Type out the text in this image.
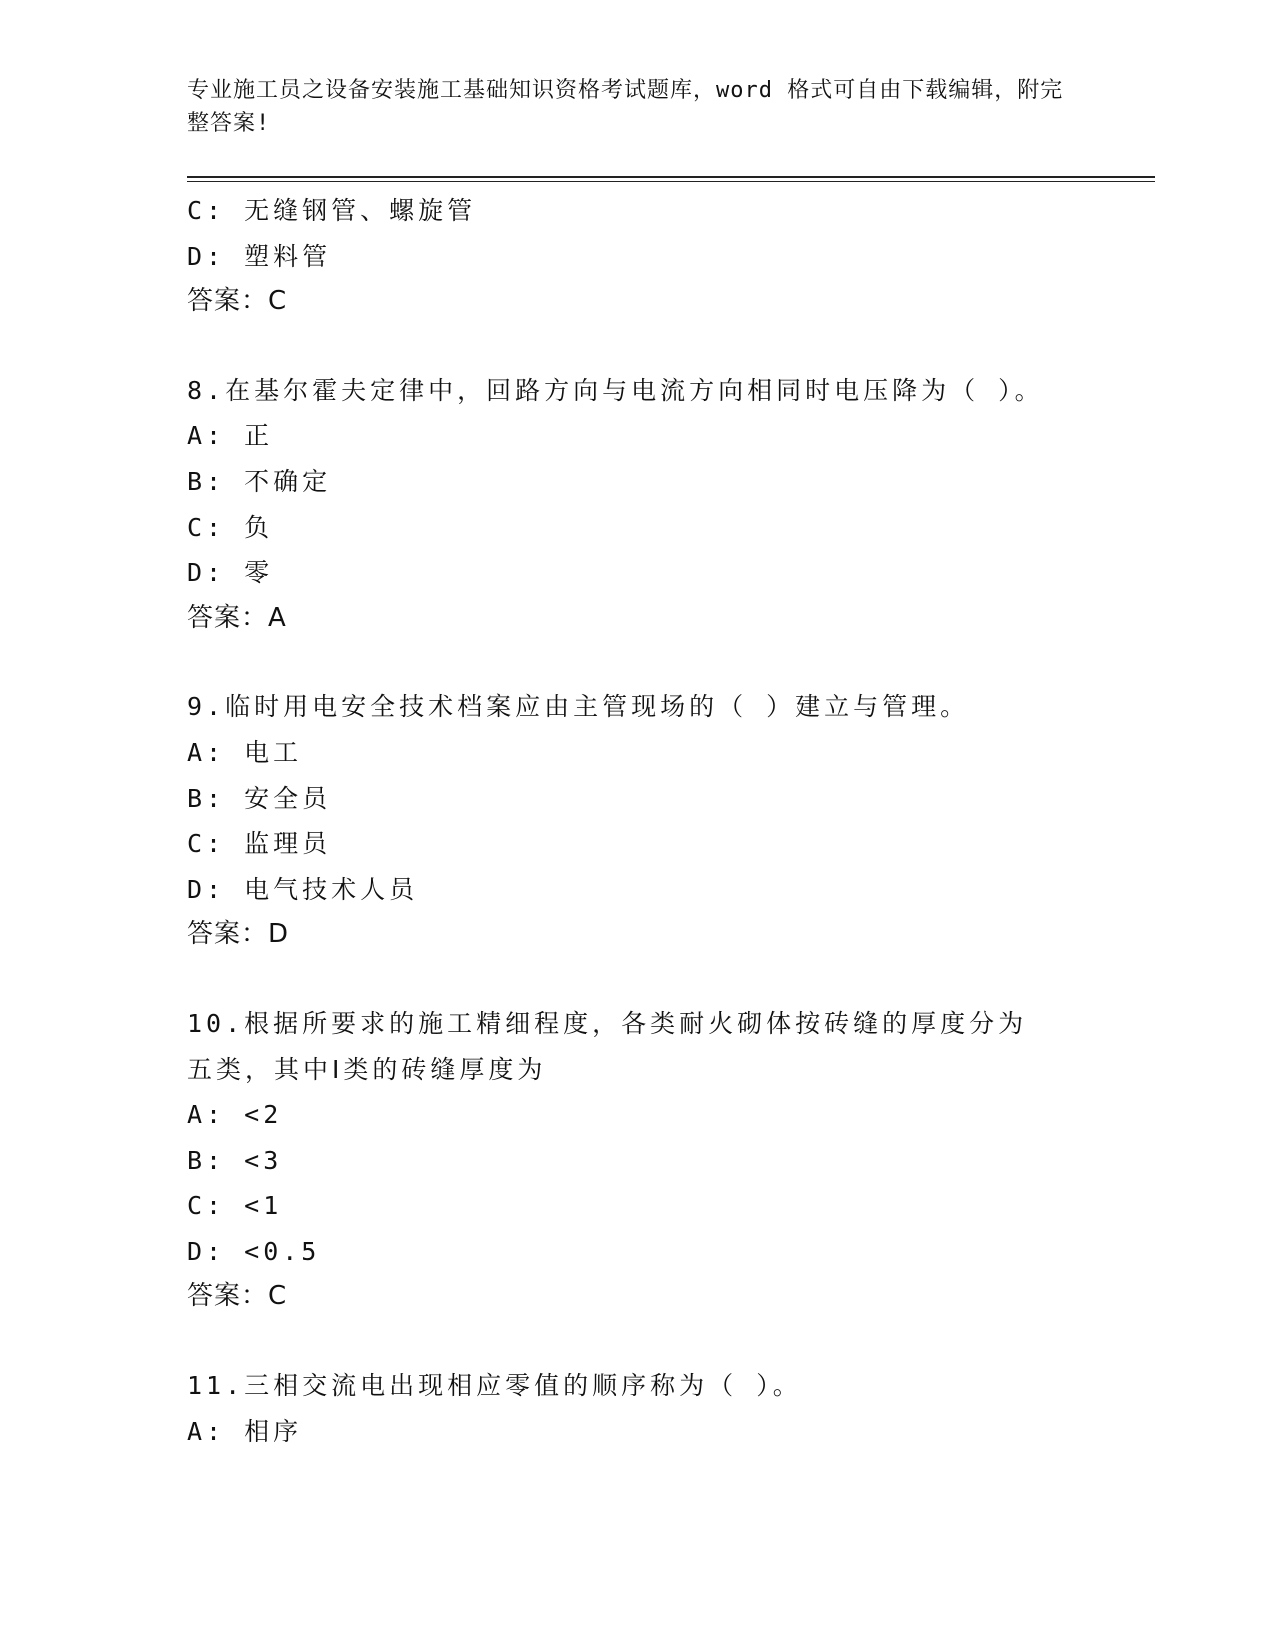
专业施工员之设备安装施工基础知识资格考试题库，word 格式可自由下载编辑，附完整答案!
C: 无缝钢管、螺旋管
D: 塑料管
答案：C
8.在基尔霍夫定律中，回路方向与电流方向相同时电压降为（ ）。
A: 正
B: 不确定
C: 负
D: 零
答案：A
9.临时用电安全技术档案应由主管现场的（ ）建立与管理。
A: 电工
B: 安全员
C: 监理员
D: 电气技术人员
答案：D
10.根据所要求的施工精细程度，各类耐火砌体按砖缝的厚度分为五类，其中Ⅰ类的砖缝厚度为
A: <2
B: <3
C: <1
D: <0.5
答案：C
11.三相交流电出现相应零值的顺序称为（ ）。
A: 相序
